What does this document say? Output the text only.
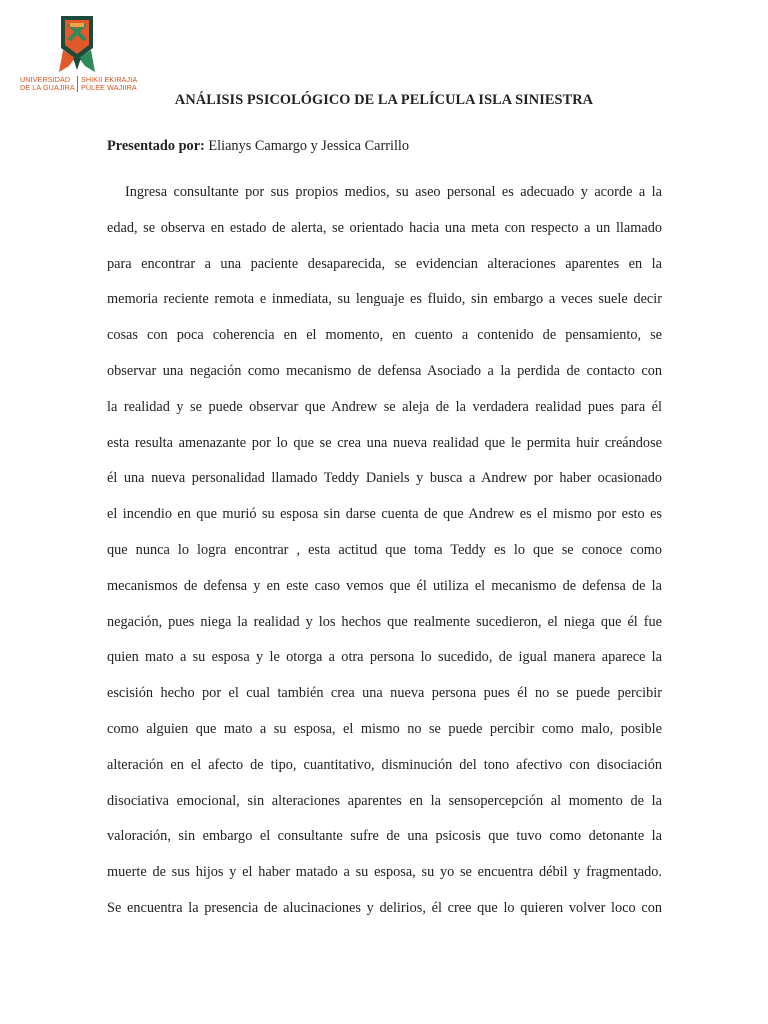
UNIVERSIDAD
DE LA GUAJIRA
SHIKII EKIRAJIA
PÜLEE WAJIIRA
ANÁLISIS PSICOLÓGICO DE LA PELÍCULA ISLA SINIESTRA
Presentado por: Elianys Camargo y Jessica Carrillo
Ingresa consultante por sus propios medios, su aseo personal es adecuado y acorde a la
edad, se observa en estado de alerta, se orientado hacia una meta con respecto a un llamado
para encontrar a una paciente desaparecida, se evidencian alteraciones aparentes en la
memoria reciente remota e inmediata, su lenguaje es fluido, sin embargo a veces suele decir
cosas con poca coherencia en el momento, en cuento a contenido de pensamiento, se
observar una negación como mecanismo de defensa Asociado a la perdida de contacto con
la realidad y se puede observar que Andrew se aleja de la verdadera realidad pues para él
esta resulta amenazante por lo que se crea una nueva realidad que le permita huir creándose
él una nueva personalidad llamado Teddy Daniels y busca a Andrew por haber ocasionado
el incendio en que murió su esposa sin darse cuenta de que Andrew es el mismo por esto es
que nunca lo logra encontrar , esta actitud que toma Teddy es lo que se conoce como
mecanismos de defensa y en este caso vemos que él utiliza el mecanismo de defensa de la
negación, pues niega la realidad y los hechos que realmente sucedieron, el niega que él fue
quien mato a su esposa y le otorga a otra persona lo sucedido, de igual manera aparece la
escisión hecho por el cual también crea una nueva persona pues él no se puede percibir
como alguien que mato a su esposa, el mismo no se puede percibir como malo, posible
alteración en el afecto de tipo, cuantitativo, disminución del tono afectivo con disociación
disociativa emocional, sin alteraciones aparentes en la sensopercepción al momento de la
valoración, sin embargo el consultante sufre de una psicosis que tuvo como detonante la
muerte de sus hijos y el haber matado a su esposa, su yo se encuentra débil y fragmentado.
Se encuentra la presencia de alucinaciones y delirios, él cree que lo quieren volver loco con
